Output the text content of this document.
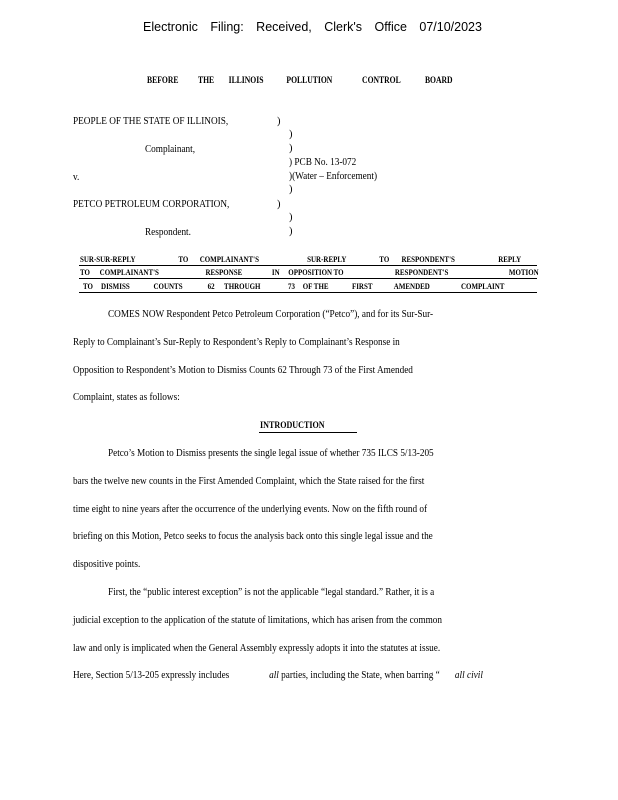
Electronic Filing: Received, Clerk's Office 07/10/2023
BEFORE THE ILLINOIS	POLLUTION	CONTROL	BOARD
PEOPLE OF THE STATE OF ILLINOIS,	)
)
Complainant,	)
) PCB No. 13-072
v.	)(Water – Enforcement)
)
PETCO PETROLEUM CORPORATION,	)
)
Respondent.	)
SUR-SUR-REPLY	TO COMPLAINANT'S	SUR-REPLY	TO RESPONDENT'S	REPLY
TO COMPLAINANT'S	RESPONSE	IN OPPOSITION TO	RESPONDENT'S	MOTION
TO DISMISS	COUNTS	62 THROUGH	73 OF THE	FIRST	AMENDED	COMPLAINT
COMES NOW Respondent Petco Petroleum Corporation (“Petco”), and for its Sur-Sur-
Reply to Complainant’s Sur-Reply to Respondent’s Reply to Complainant’s Response in
Opposition to Respondent’s Motion to Dismiss Counts 62 Through 73 of the First Amended
Complaint, states as follows:
INTRODUCTION
Petco’s Motion to Dismiss presents the single legal issue of whether 735 ILCS 5/13-205
bars the twelve new counts in the First Amended Complaint, which the State raised for the first
time eight to nine years after the occurrence of the underlying events. Now on the fifth round of
briefing on this Motion, Petco seeks to focus the analysis back onto this single legal issue and the
dispositive points.
First, the “public interest exception” is not the applicable “legal standard.” Rather, it is a
judicial exception to the application of the statute of limitations, which has arisen from the common
law and only is implicated when the General Assembly expressly adopts it into the statutes at issue.
Here, Section 5/13-205 expressly includes	all parties, including the State, when barring “ all civil
